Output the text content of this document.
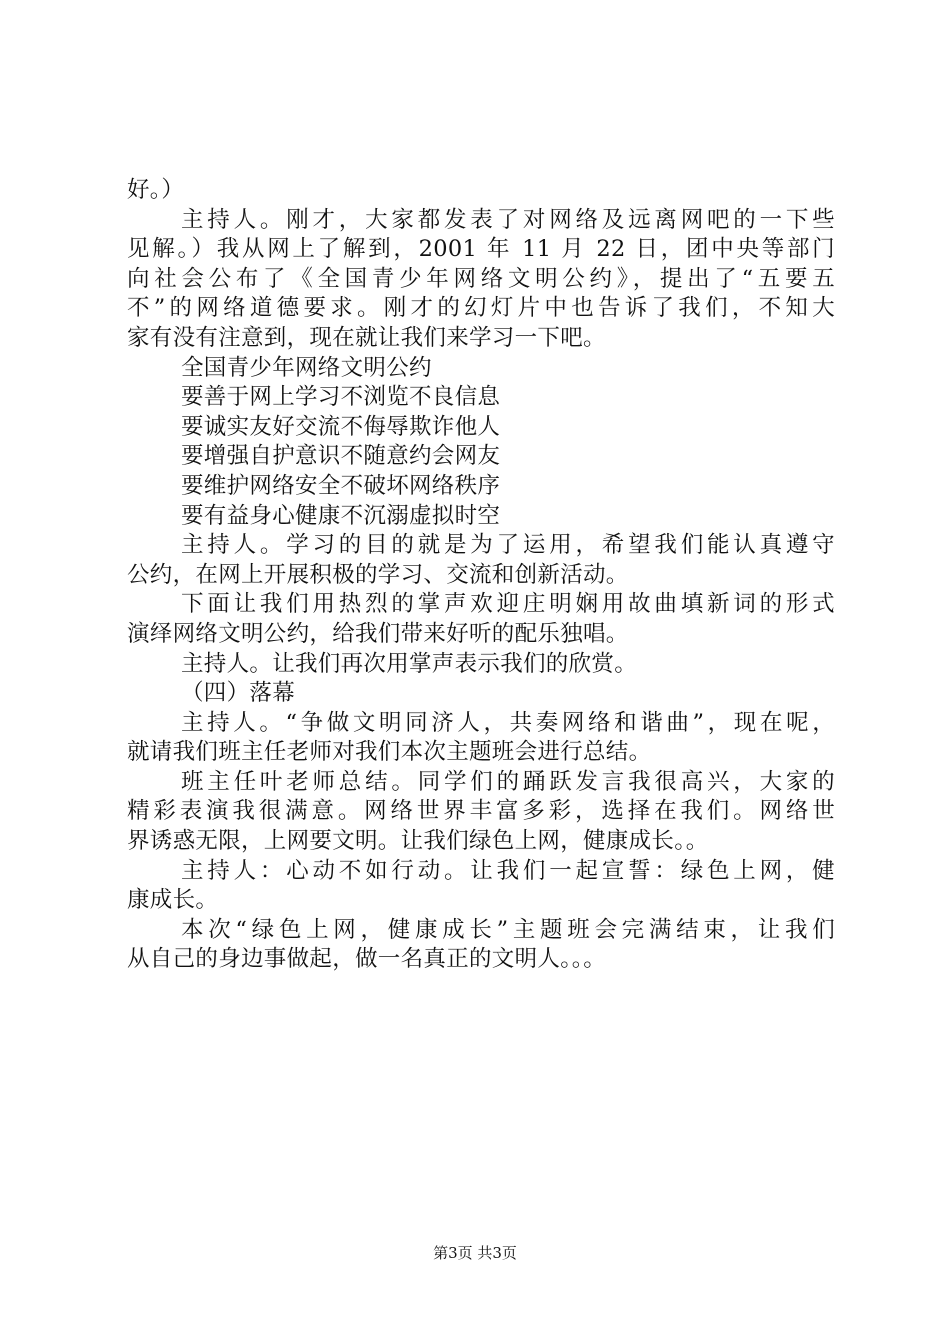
好。）
主持人。刚才，大家都发表了对网络及远离网吧的一下些
见解。）我从网上了解到，2001 年 11 月 22 日，团中央等部门
向社会公布了《全国青少年网络文明公约》，提出了“五要五
不”的网络道德要求。刚才的幻灯片中也告诉了我们，不知大
家有没有注意到，现在就让我们来学习一下吧。
全国青少年网络文明公约
要善于网上学习不浏览不良信息
要诚实友好交流不侮辱欺诈他人
要增强自护意识不随意约会网友
要维护网络安全不破坏网络秩序
要有益身心健康不沉溺虚拟时空
主持人。学习的目的就是为了运用，希望我们能认真遵守
公约，在网上开展积极的学习、交流和创新活动。
下面让我们用热烈的掌声欢迎庄明娴用故曲填新词的形式
演绎网络文明公约，给我们带来好听的配乐独唱。
主持人。让我们再次用掌声表示我们的欣赏。
（四）落幕
主持人。“争做文明同济人，共奏网络和谐曲”，现在呢，
就请我们班主任老师对我们本次主题班会进行总结。
班主任叶老师总结。同学们的踊跃发言我很高兴，大家的
精彩表演我很满意。网络世界丰富多彩，选择在我们。网络世
界诱惑无限，上网要文明。让我们绿色上网，健康成长。。
主持人：心动不如行动。让我们一起宣誓：绿色上网，健
康成长。
本次“绿色上网，健康成长”主题班会完满结束，让我们
从自己的身边事做起，做一名真正的文明人。。。
第3页 共3页
